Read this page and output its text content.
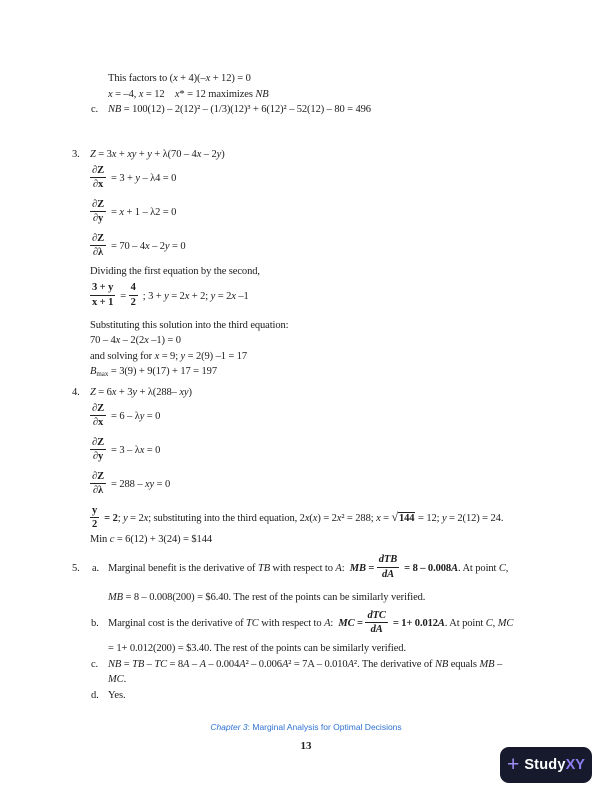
This factors to (x + 4)(–x + 12) = 0
x = –4, x = 12  x* = 12 maximizes NB
c. NB = 100(12) – 2(12)² – (1/3)(12)³ + 6(12)² – 52(12) – 80 = 496
3. Z = 3x + xy + y + λ(70 – 4x – 2y)
$\frac{\partial Z}{\partial x} = 3 + y - \lambda 4 = 0$
$\frac{\partial Z}{\partial y} = x + 1 - \lambda 2 = 0$
$\frac{\partial Z}{\partial\lambda} = 70 - 4x - 2y = 0$
Dividing the first equation by the second,
$\frac{3 + y}{x + 1} = \frac{4}{2}$ ; 3 + y = 2x + 2; y = 2x –1
Substituting this solution into the third equation:
70 – 4x – 2(2x –1) = 0
and solving for x = 9; y = 2(9) –1 = 17
$B_{max} = 3(9) + 9(17) + 17 = 197$
4. Z = 6x + 3y + λ(288– xy)
$\frac{\partial Z}{\partial x} = 6 - \lambda y = 0$
$\frac{\partial Z}{\partial y} = 3 - \lambda x = 0$
$\frac{\partial Z}{\partial\lambda} = 288$ – xy = 0
$\frac{y}{2} = 2$; y = 2x; substituting into the third equation, 2x(x) = 2x² = 288; x = √144 = 12; y = 2(12) = 24.
Min c = 6(12) + 3(24) = $144
5. a. Marginal benefit is the derivative of TB with respect to A: MB = $\frac{\text{dTB}}{dA} = 8 - 0.008A$. At point C,
MB = 8 – 0.008(200) = $6.40. The rest of the points can be similarly verified.
b. Marginal cost is the derivative of TC with respect to A: MC = $\frac{\text{dTC}}{dA} = 1+ 0.012A$. At point C, MC
= 1+ 0.012(200) = $3.40. The rest of the points can be similarly verified.
c. NB = TB – TC = 8A – A – 0.004A² – 0.006A² = 7A – 0.010A². The derivative of NB equals MB –
MC.
d. Yes.
Chapter 3: Marginal Analysis for Optimal Decisions
13
+ Study XY
